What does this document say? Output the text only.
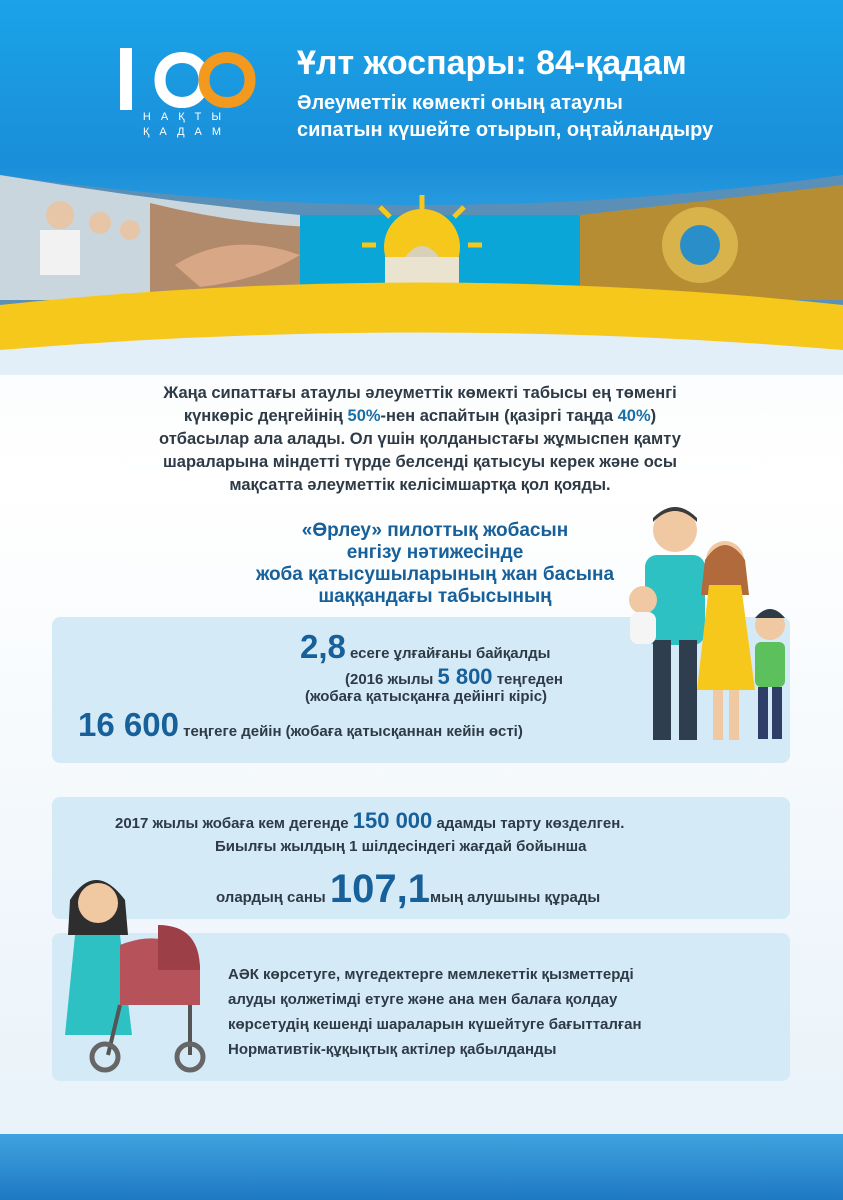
НАҚТЫ
ҚАДАМ
Ұлт жоспары: 84-қадам
Әлеуметтік көмекті оның атаулы
сипатын күшейте отырып, оңтайландыру
Жаңа сипаттағы атаулы әлеуметтік көмекті табысы ең төменгі
күнкөріс деңгейінің 50%-нен аспайтын (қазіргі таңда 40%)
отбасылар ала алады. Ол үшін қолданыстағы жұмыспен қамту
шараларына міндетті түрде белсенді қатысуы керек және осы
мақсатта әлеуметтік келісімшартқа қол қояды.
«Өрлеу» пилоттық жобасын
енгізу нәтижесінде
жоба қатысушыларының жан басына
шаққандағы табысының
2,8 есеге ұлғайғаны байқалды
(2016 жылы 5 800 теңгеден
(жобаға қатысқанға дейінгі кіріс)
16 600 теңгеге дейін (жобаға қатысқаннан кейін өсті)
2017 жылы жобаға кем дегенде 150 000 адамды тарту көзделген.
Биылғы жылдың 1 шілдесіндегі жағдай бойынша
олардың саны 107,1мың алушыны құрады
АӘК көрсетуге, мүгедектерге мемлекеттік қызметтерді
алуды қолжетімді етуге және ана мен балаға қолдау
көрсетудің кешенді шараларын күшейтуге бағытталған
Нормативтік-құқықтық актілер қабылданды
